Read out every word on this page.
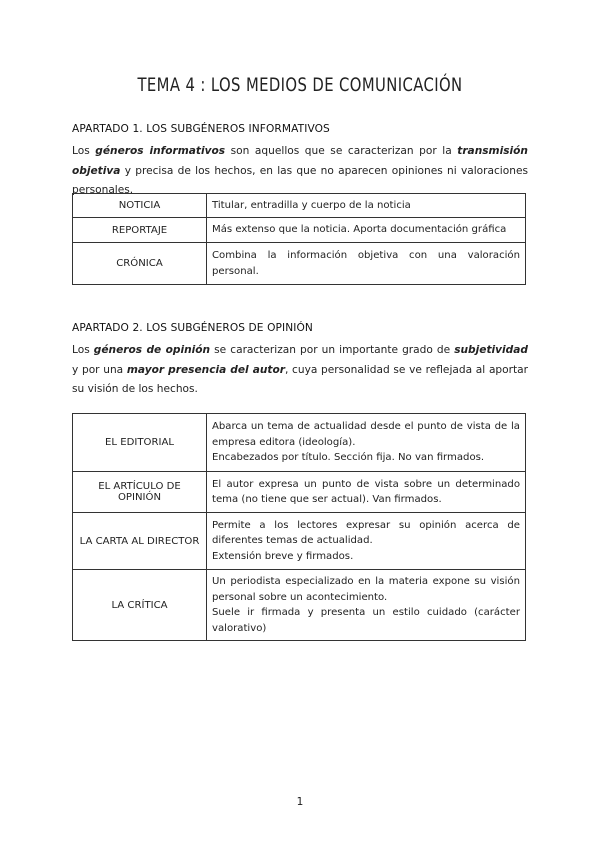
TEMA 4 : LOS MEDIOS DE COMUNICACIÓN
APARTADO 1. LOS SUBGÉNEROS INFORMATIVOS

Los géneros informativos son aquellos que se caracterizan por la transmisión objetiva y precisa de los hechos, en las que no aparecen opiniones ni valoraciones personales.

NOTICIA	Titular, entradilla y cuerpo de la noticia
REPORTAJE	Más extenso que la noticia. Aporta documentación gráfica
CRÓNICA	Combina la información objetiva con una valoración personal.
APARTADO 2. LOS SUBGÉNEROS DE OPINIÓN

Los géneros de opinión se caracterizan por un importante grado de subjetividad y por una mayor presencia del autor, cuya personalidad se ve reflejada al aportar su visión de los hechos.

EL EDITORIAL	Abarca un tema de actualidad desde el punto de vista de la empresa editora (ideología).
Encabezados por título. Sección fija. No van firmados.

EL ARTÍCULO DE OPINIÓN	El autor expresa un punto de vista sobre un determinado tema (no tiene que ser actual). Van firmados.

LA CARTA AL DIRECTOR	Permite a los lectores expresar su opinión acerca de diferentes temas de actualidad.
Extensión breve y firmados.

LA CRÍTICA	Un periodista especializado en la materia expone su visión personal sobre un acontecimiento.
Suele ir firmada y presenta un estilo cuidado (carácter valorativo)
1
